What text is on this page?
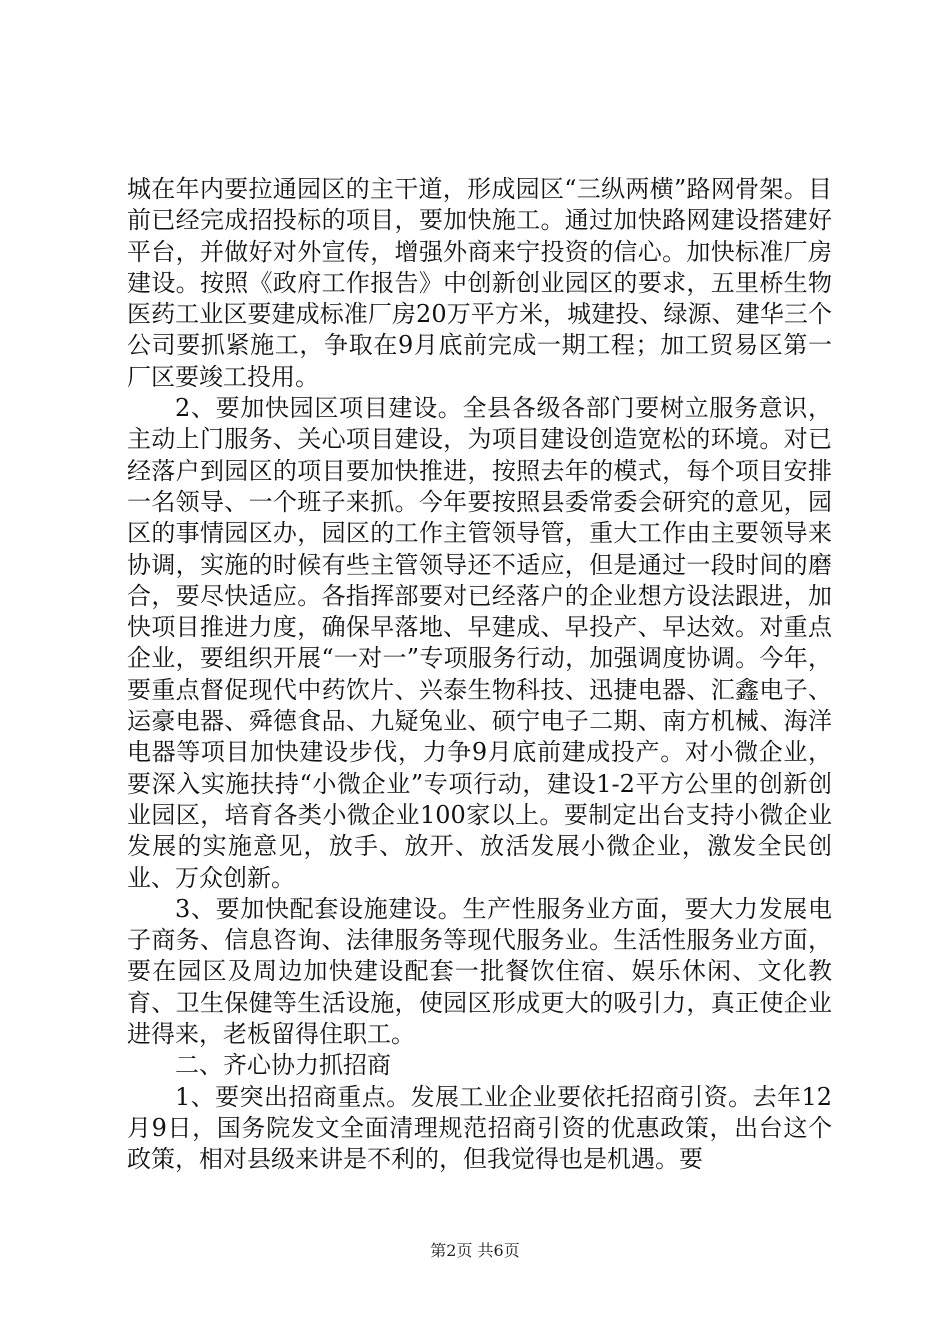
城在年内要拉通园区的主干道，形成园区“三纵两横”路网骨架。目前已经完成招投标的项目，要加快施工。通过加快路网建设搭建好平台，并做好对外宣传，增强外商来宁投资的信心。加快标准厂房建设。按照《政府工作报告》中创新创业园区的要求，五里桥生物医药工业区要建成标准厂房20万平方米，城建投、绿源、建华三个公司要抓紧施工，争取在9月底前完成一期工程；加工贸易区第一厂区要竣工投用。

2、要加快园区项目建设。全县各级各部门要树立服务意识，主动上门服务、关心项目建设，为项目建设创造宽松的环境。对已经落户到园区的项目要加快推进，按照去年的模式，每个项目安排一名领导、一个班子来抓。今年要按照县委常委会研究的意见，园区的事情园区办，园区的工作主管领导管，重大工作由主要领导来协调，实施的时候有些主管领导还不适应，但是通过一段时间的磨合，要尽快适应。各指挥部要对已经落户的企业想方设法跟进，加快项目推进力度，确保早落地、早建成、早投产、早达效。对重点企业，要组织开展“一对一”专项服务行动，加强调度协调。今年，要重点督促现代中药饮片、兴泰生物科技、迅捷电器、汇鑫电子、运豪电器、舜德食品、九疑兔业、硕宁电子二期、南方机械、海洋电器等项目加快建设步伐，力争9月底前建成投产。对小微企业，要深入实施扶持“小微企业”专项行动，建设1-2平方公里的创新创业园区，培育各类小微企业100家以上。要制定出台支持小微企业发展的实施意见，放手、放开、放活发展小微企业，激发全民创业、万众创新。

3、要加快配套设施建设。生产性服务业方面，要大力发展电子商务、信息咨询、法律服务等现代服务业。生活性服务业方面，要在园区及周边加快建设配套一批餐饮住宿、娱乐休闲、文化教育、卫生保健等生活设施，使园区形成更大的吸引力，真正使企业进得来，老板留得住职工。

二、齐心协力抓招商

1、要突出招商重点。发展工业企业要依托招商引资。去年12月9日，国务院发文全面清理规范招商引资的优惠政策，出台这个政策，相对县级来讲是不利的，但我觉得也是机遇。要

第2页 共6页
